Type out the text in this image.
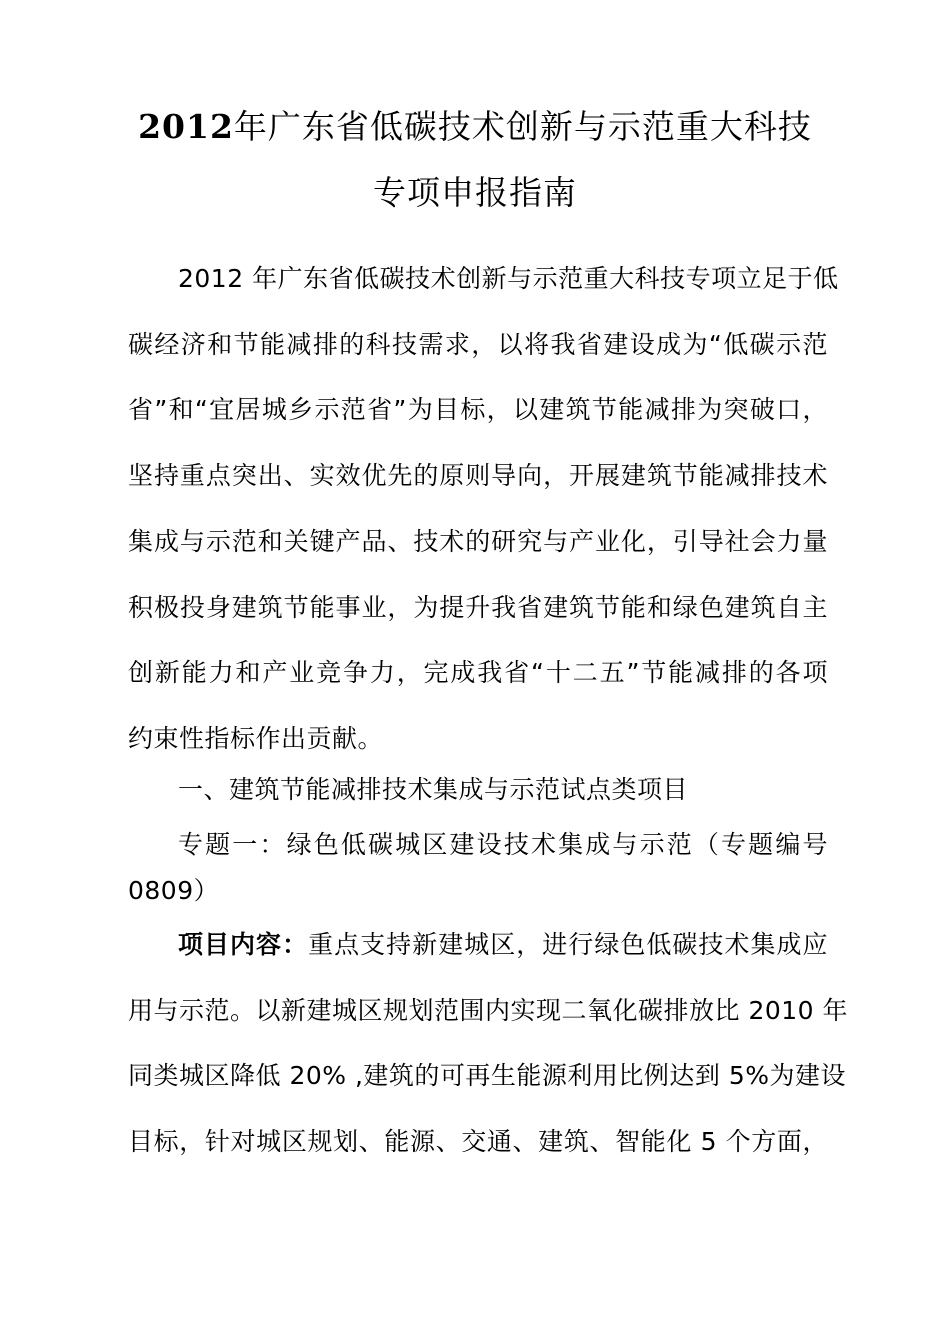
2012年广东省低碳技术创新与示范重大科技
专项申报指南

2012 年广东省低碳技术创新与示范重大科技专项立足于低
碳经济和节能减排的科技需求，以将我省建设成为“低碳示范
省”和“宜居城乡示范省”为目标，以建筑节能减排为突破口，
坚持重点突出、实效优先的原则导向，开展建筑节能减排技术
集成与示范和关键产品、技术的研究与产业化，引导社会力量
积极投身建筑节能事业，为提升我省建筑节能和绿色建筑自主
创新能力和产业竞争力，完成我省“十二五”节能减排的各项
约束性指标作出贡献。

一、建筑节能减排技术集成与示范试点类项目

专题一：绿色低碳城区建设技术集成与示范（专题编号
0809）

项目内容：重点支持新建城区，进行绿色低碳技术集成应
用与示范。以新建城区规划范围内实现二氧化碳排放比 2010 年
同类城区降低 20% ,建筑的可再生能源利用比例达到 5%为建设
目标，针对城区规划、能源、交通、建筑、智能化 5 个方面，
